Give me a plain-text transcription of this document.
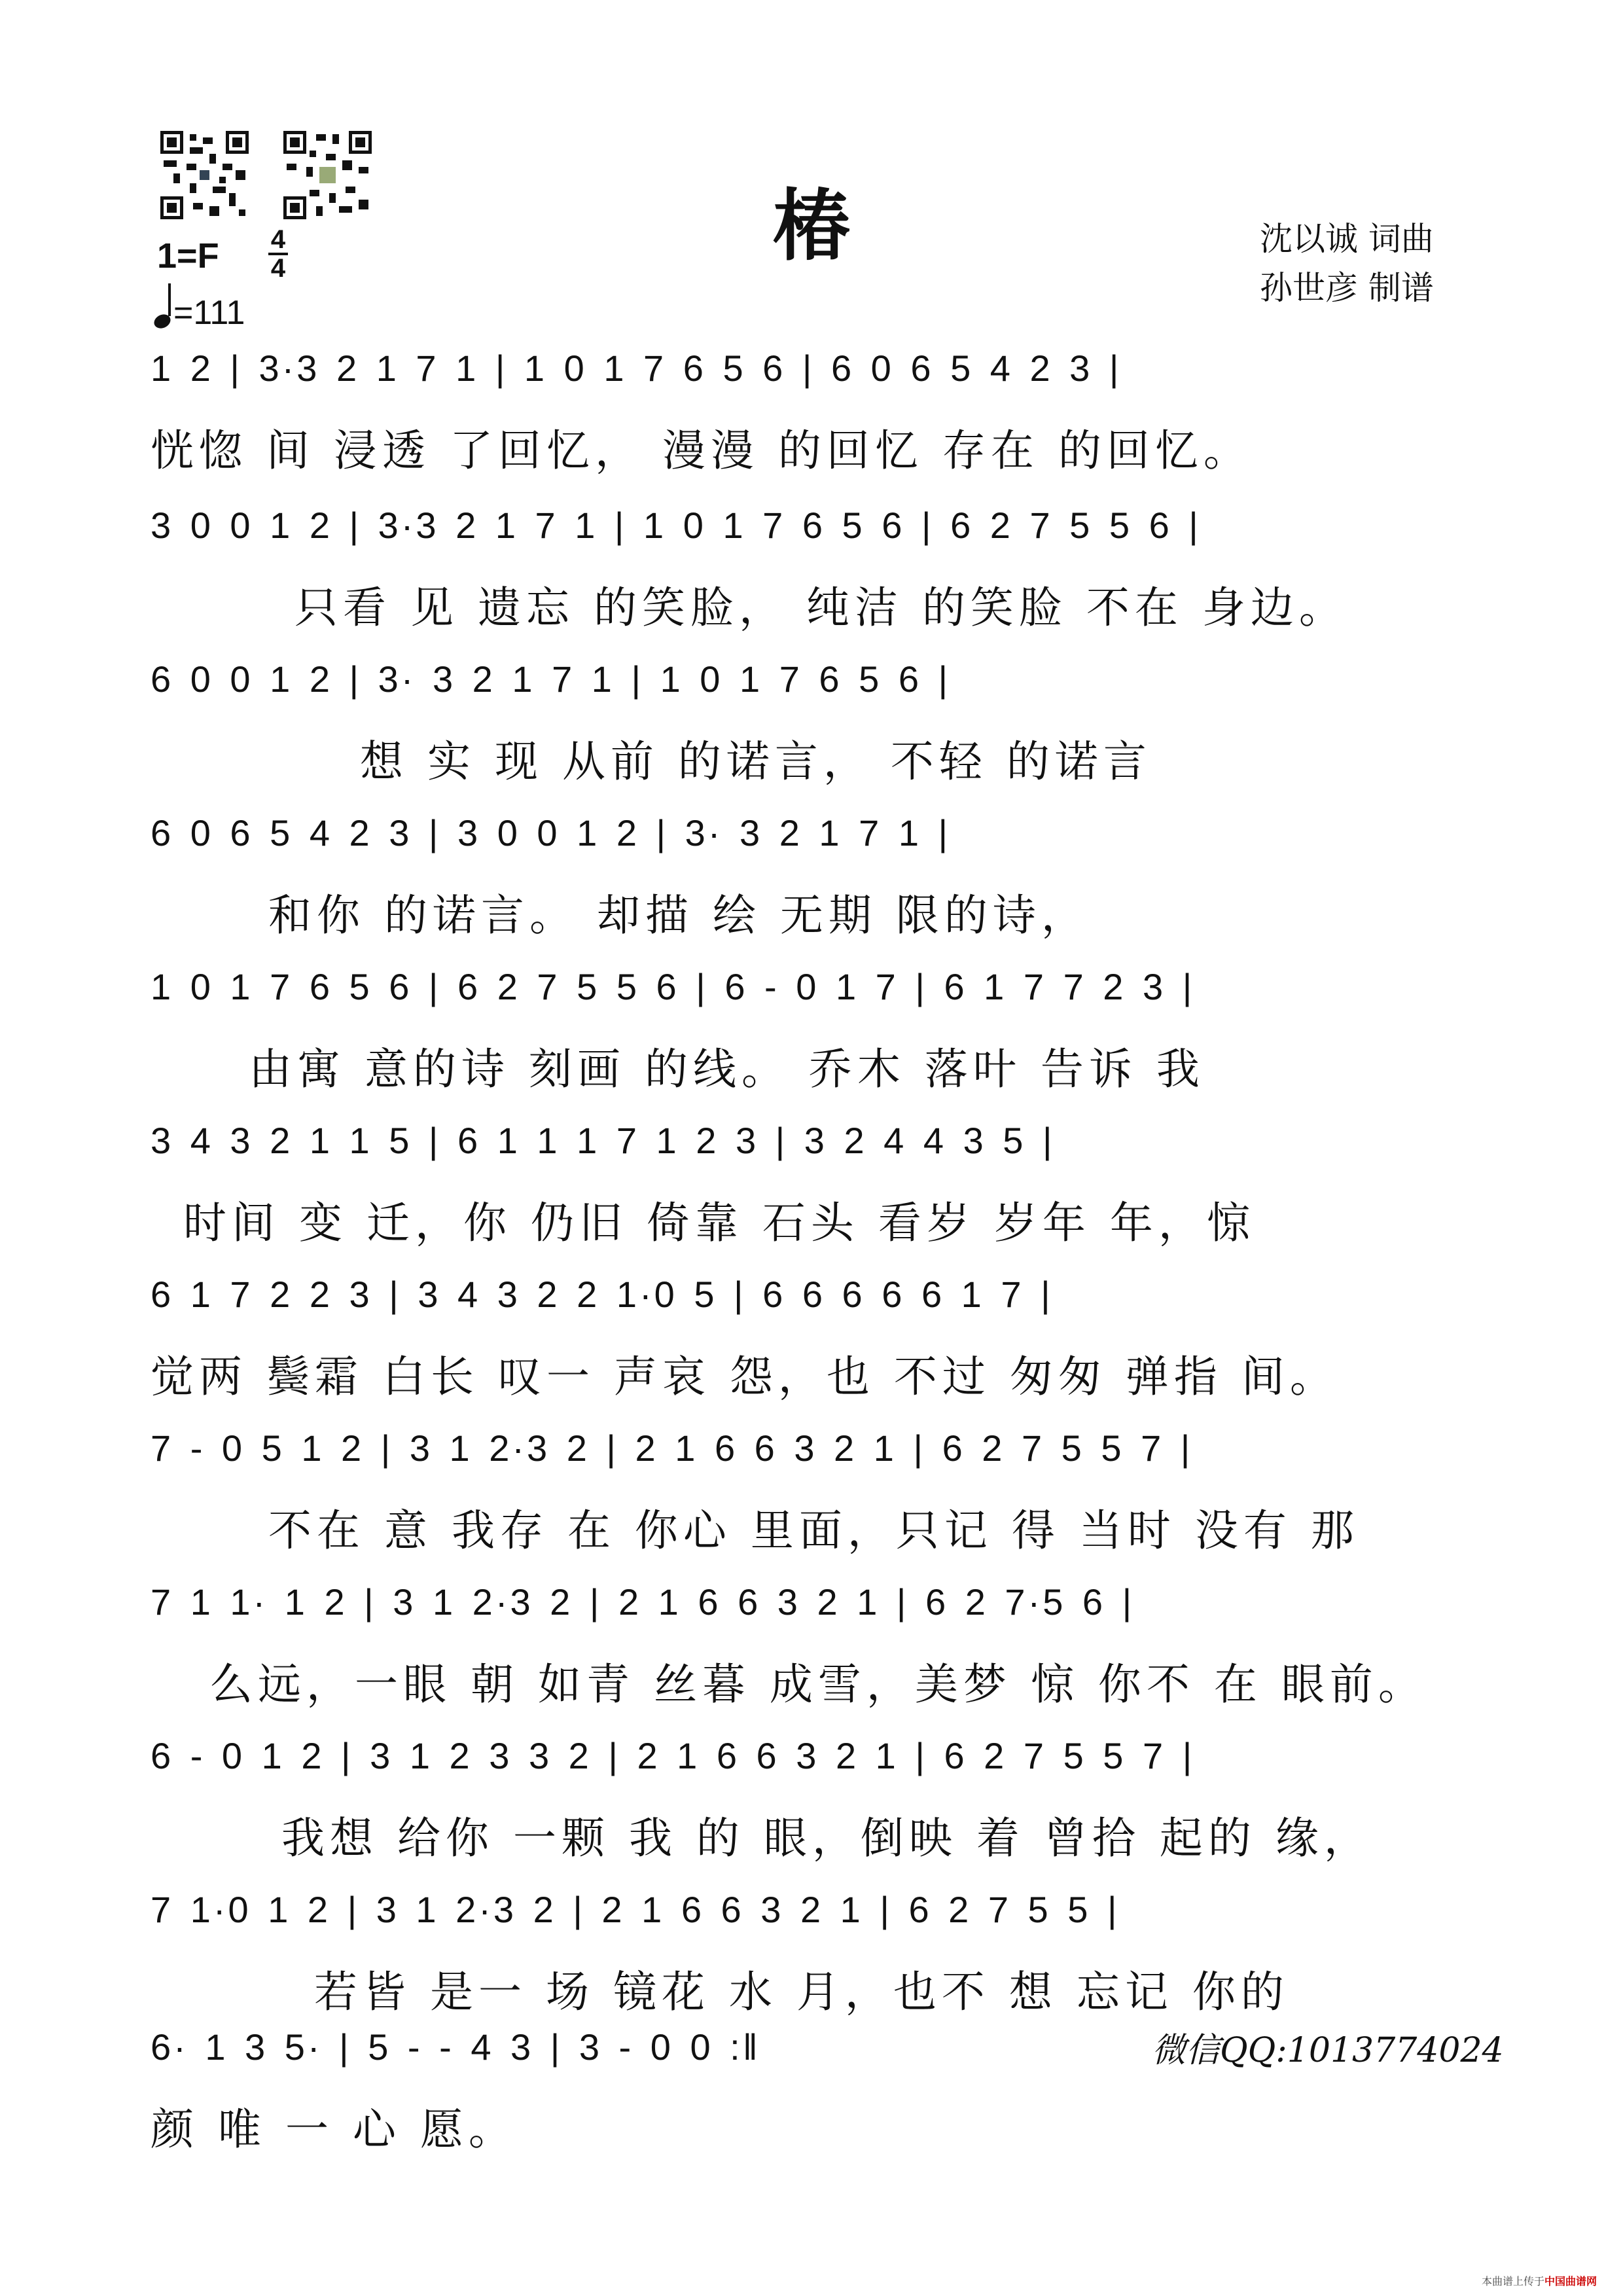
椿	沈以诚 词曲
孙世彦 制谱
1=F 4
4
=111
1 2 | 3·3 2 1 7 1 | 1 0 1 7 6 5 6 | 6 0 6 5 4 2 3 |
恍惚 间 浸透 了回忆， 漫漫 的回忆 存在 的回忆。
3 0 0 1 2 | 3·3 2 1 7 1 | 1 0 1 7 6 5 6 | 6 2 7 5 5 6 |
只看 见 遗忘 的笑脸， 纯洁 的笑脸 不在 身边。
6 0 0 1 2 | 3· 3 2 1 7 1 | 1 0 1 7 6 5 6 |
想 实 现 从前 的诺言， 不轻 的诺言
6 0 6 5 4 2 3 | 3 0 0 1 2 | 3· 3 2 1 7 1 |
和你 的诺言。 却描 绘 无期 限的诗，
1 0 1 7 6 5 6 | 6 2 7 5 5 6 | 6 - 0 1 7 | 6 1 7 7 2 3 |
由寓 意的诗 刻画 的线。 乔木 落叶 告诉 我
3 4 3 2 1 1 5 | 6 1 1 1 7 1 2 3 | 3 2 4 4 3 5 |
时间 变 迁，你 仍旧 倚靠 石头 看岁 岁年 年，惊
6 1 7 2 2 3 | 3 4 3 2 2 1·0 5 | 6 6 6 6 6 1 7 |
觉两 鬓霜 白长 叹一 声哀 怨，也 不过 匆匆 弹指 间。
7 - 0 5 1 2 | 3 1 2·3 2 | 2 1 6 6 3 2 1 | 6 2 7 5 5 7 |
不在 意 我存 在 你心 里面，只记 得 当时 没有 那
7 1 1· 1 2 | 3 1 2·3 2 | 2 1 6 6 3 2 1 | 6 2 7·5 6 |
么远，一眼 朝 如青 丝暮 成雪，美梦 惊 你不 在 眼前。
6 - 0 1 2 | 3 1 2 3 3 2 | 2 1 6 6 3 2 1 | 6 2 7 5 5 7 |
我想 给你 一颗 我 的 眼，倒映 着 曾拾 起的 缘，
7 1·0 1 2 | 3 1 2·3 2 | 2 1 6 6 3 2 1 | 6 2 7 5 5 |
若皆 是一 场 镜花 水 月，也不 想 忘记 你的
6· 1 3 5· | 5 - - 4 3 | 3 - 0 0 :‖
颜 唯 一 心 愿。
微信QQ:1013774024
本曲谱上传于中国曲谱网
